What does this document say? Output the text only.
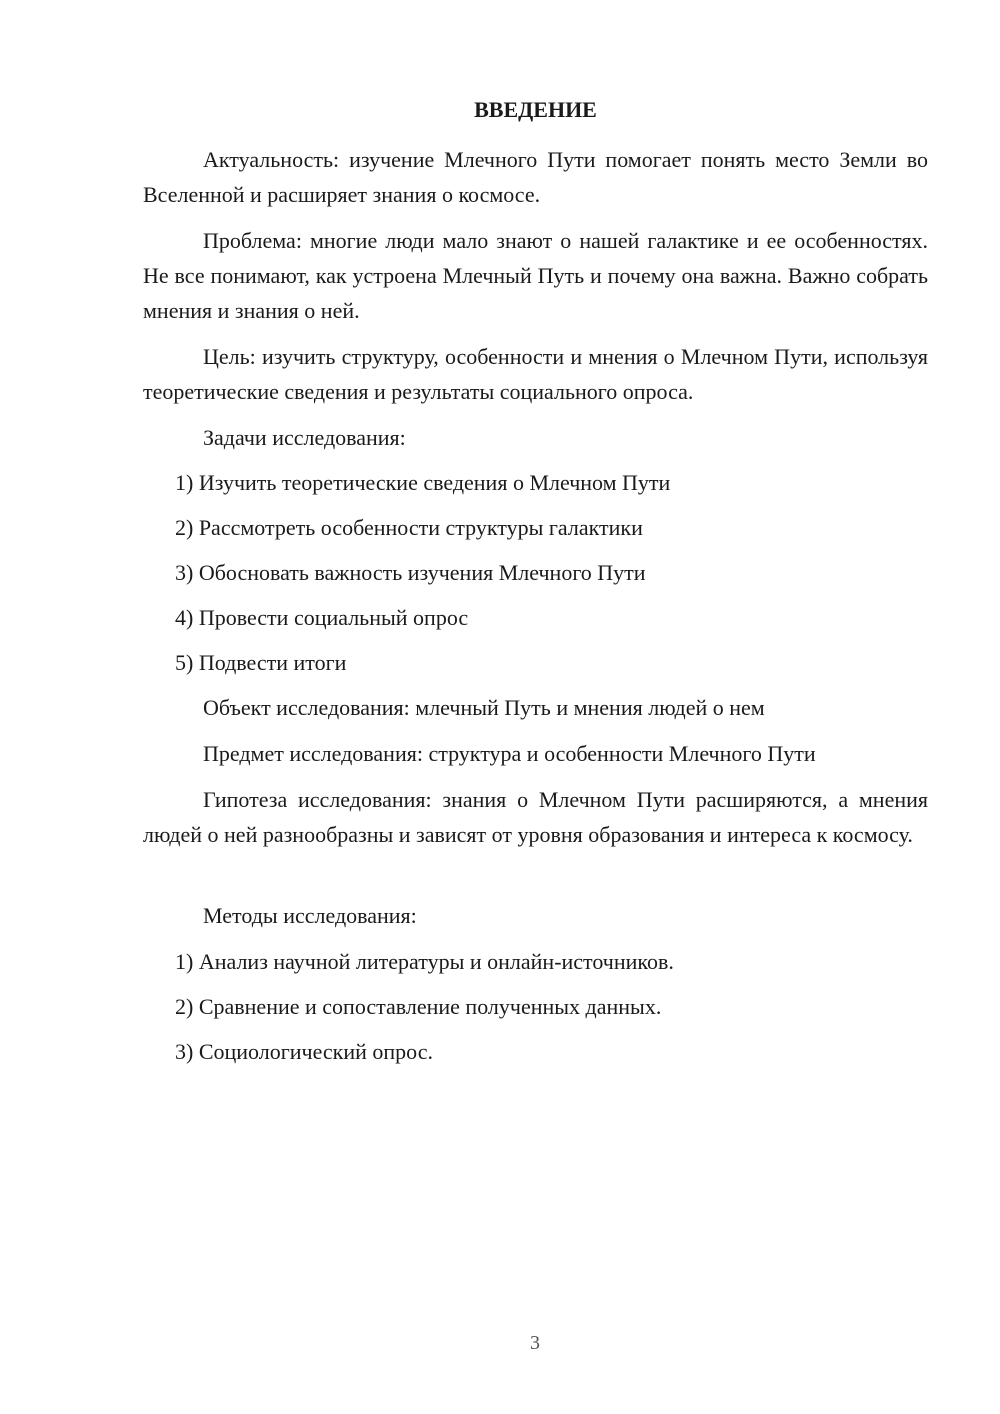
ВВЕДЕНИЕ

Актуальность: изучение Млечного Пути помогает понять место Земли во Вселенной и расширяет знания о космосе.

Проблема: многие люди мало знают о нашей галактике и ее особенностях. Не все понимают, как устроена Млечный Путь и почему она важна. Важно собрать мнения и знания о ней.

Цель: изучить структуру, особенности и мнения о Млечном Пути, используя теоретические сведения и результаты социального опроса.

Задачи исследования:

1) Изучить теоретические сведения о Млечном Пути

2) Рассмотреть особенности структуры галактики

3) Обосновать важность изучения Млечного Пути

4) Провести социальный опрос

5) Подвести итоги

Объект исследования: млечный Путь и мнения людей о нем

Предмет исследования: структура и особенности Млечного Пути

Гипотеза исследования: знания о Млечном Пути расширяются, а мнения людей о ней разнообразны и зависят от уровня образования и интереса к космосу.

Методы исследования:

1) Анализ научной литературы и онлайн-источников.

2) Сравнение и сопоставление полученных данных.

3) Социологический опрос.

3
